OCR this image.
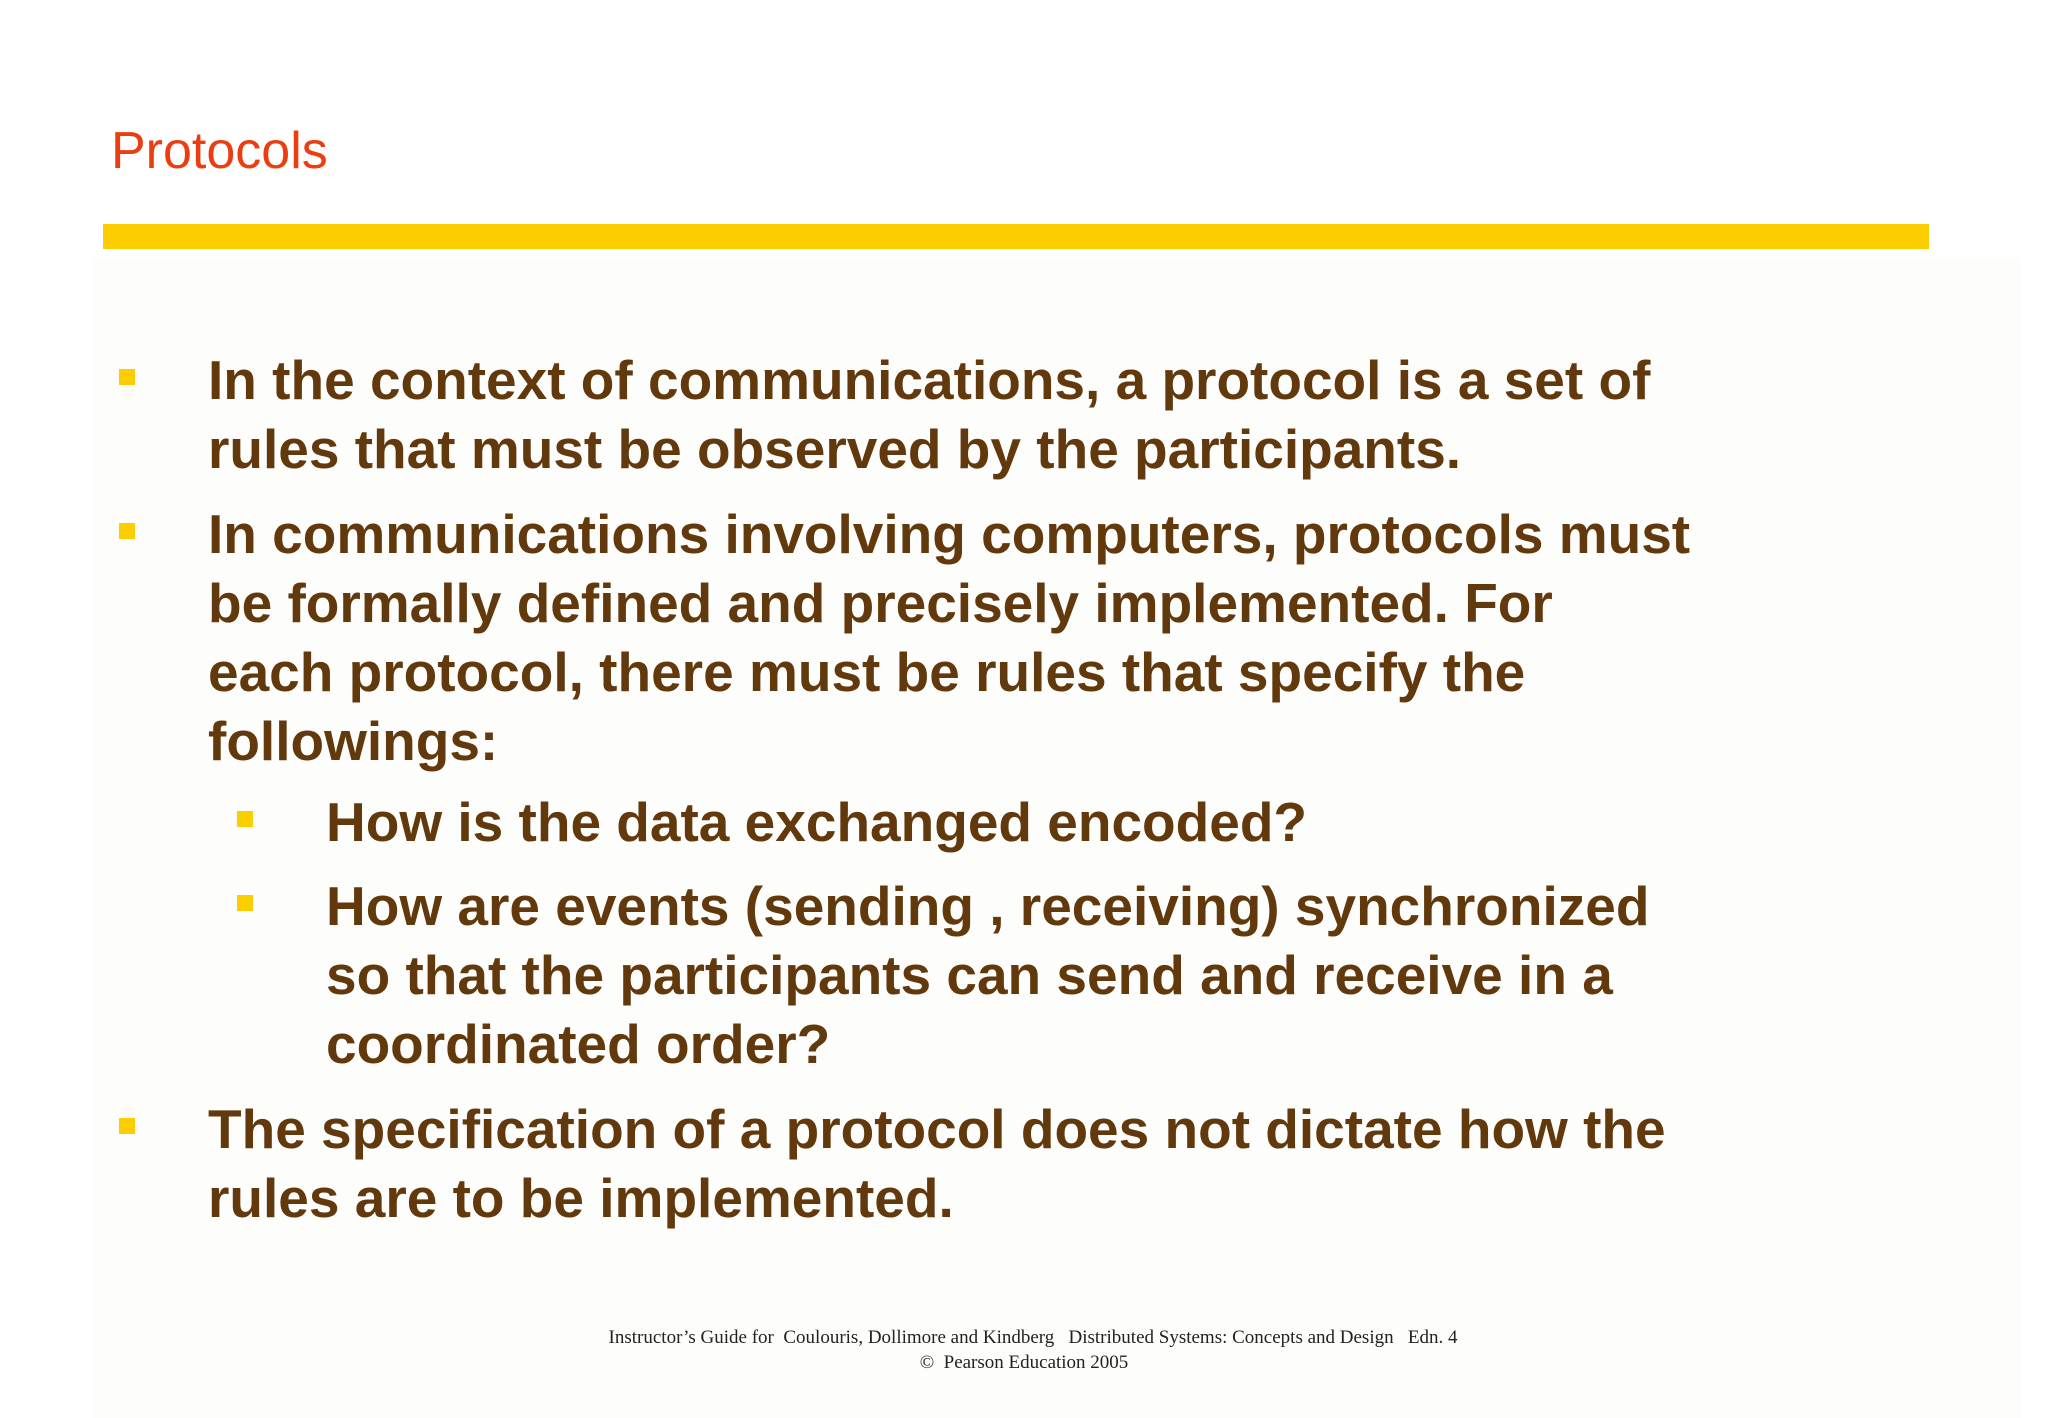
Protocols
In the context of communications, a protocol is a set of
rules that must be observed by the participants.
In communications involving computers, protocols must
be formally defined and precisely implemented. For
each protocol, there must be rules that specify the
followings:
How is the data exchanged encoded?
How are events (sending , receiving) synchronized
so that the participants can send and receive in a
coordinated order?
The specification of a protocol does not dictate how the
rules are to be implemented.
Instructor’s Guide for  Coulouris, Dollimore and Kindberg   Distributed Systems: Concepts and Design   Edn. 4
©  Pearson Education 2005
